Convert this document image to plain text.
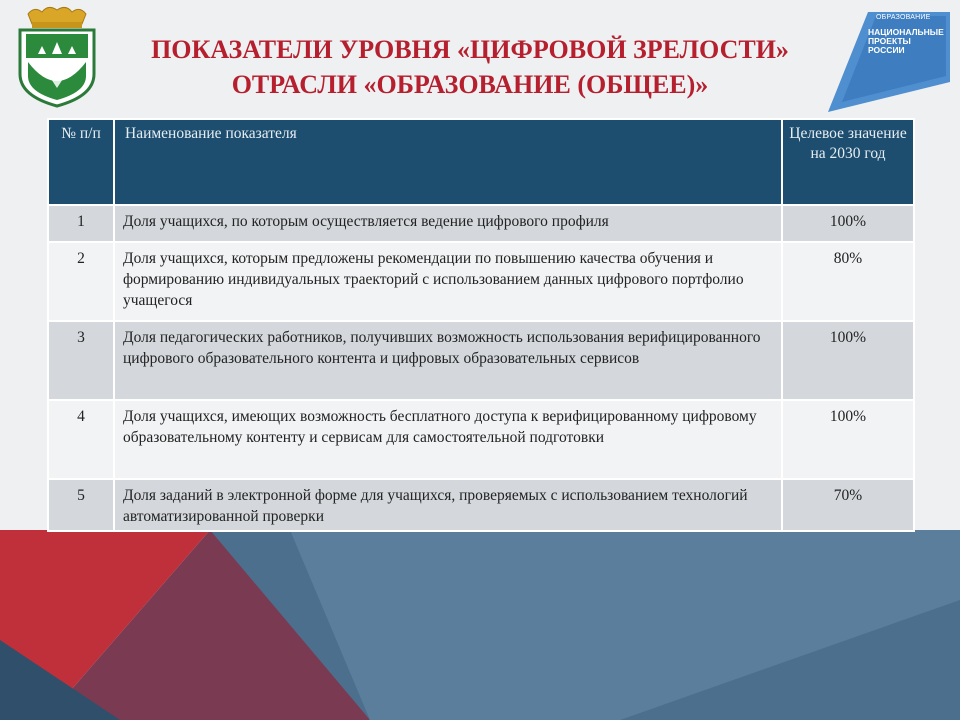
ОБРАЗОВАНИЕ
НАЦИОНАЛЬНЫЕ ПРОЕКТЫ РОССИИ
ПОКАЗАТЕЛИ УРОВНЯ «ЦИФРОВОЙ ЗРЕЛОСТИ»
ОТРАСЛИ «ОБРАЗОВАНИЕ (ОБЩЕЕ)»
№ п/п	Наименование показателя	Целевое значение на 2030 год
1	Доля учащихся, по которым осуществляется ведение цифрового профиля	100%
2	Доля учащихся, которым предложены рекомендации по повышению качества обучения и формированию индивидуальных траекторий с использованием данных цифрового портфолио учащегося	80%
3	Доля педагогических работников, получивших возможность использования верифицированного цифрового образовательного контента и цифровых образовательных сервисов	100%
4	Доля учащихся, имеющих возможность бесплатного доступа к верифицированному цифровому образовательному контенту и сервисам для самостоятельной подготовки	100%
5	Доля заданий в электронной форме для учащихся, проверяемых с использованием технологий автоматизированной проверки	70%
